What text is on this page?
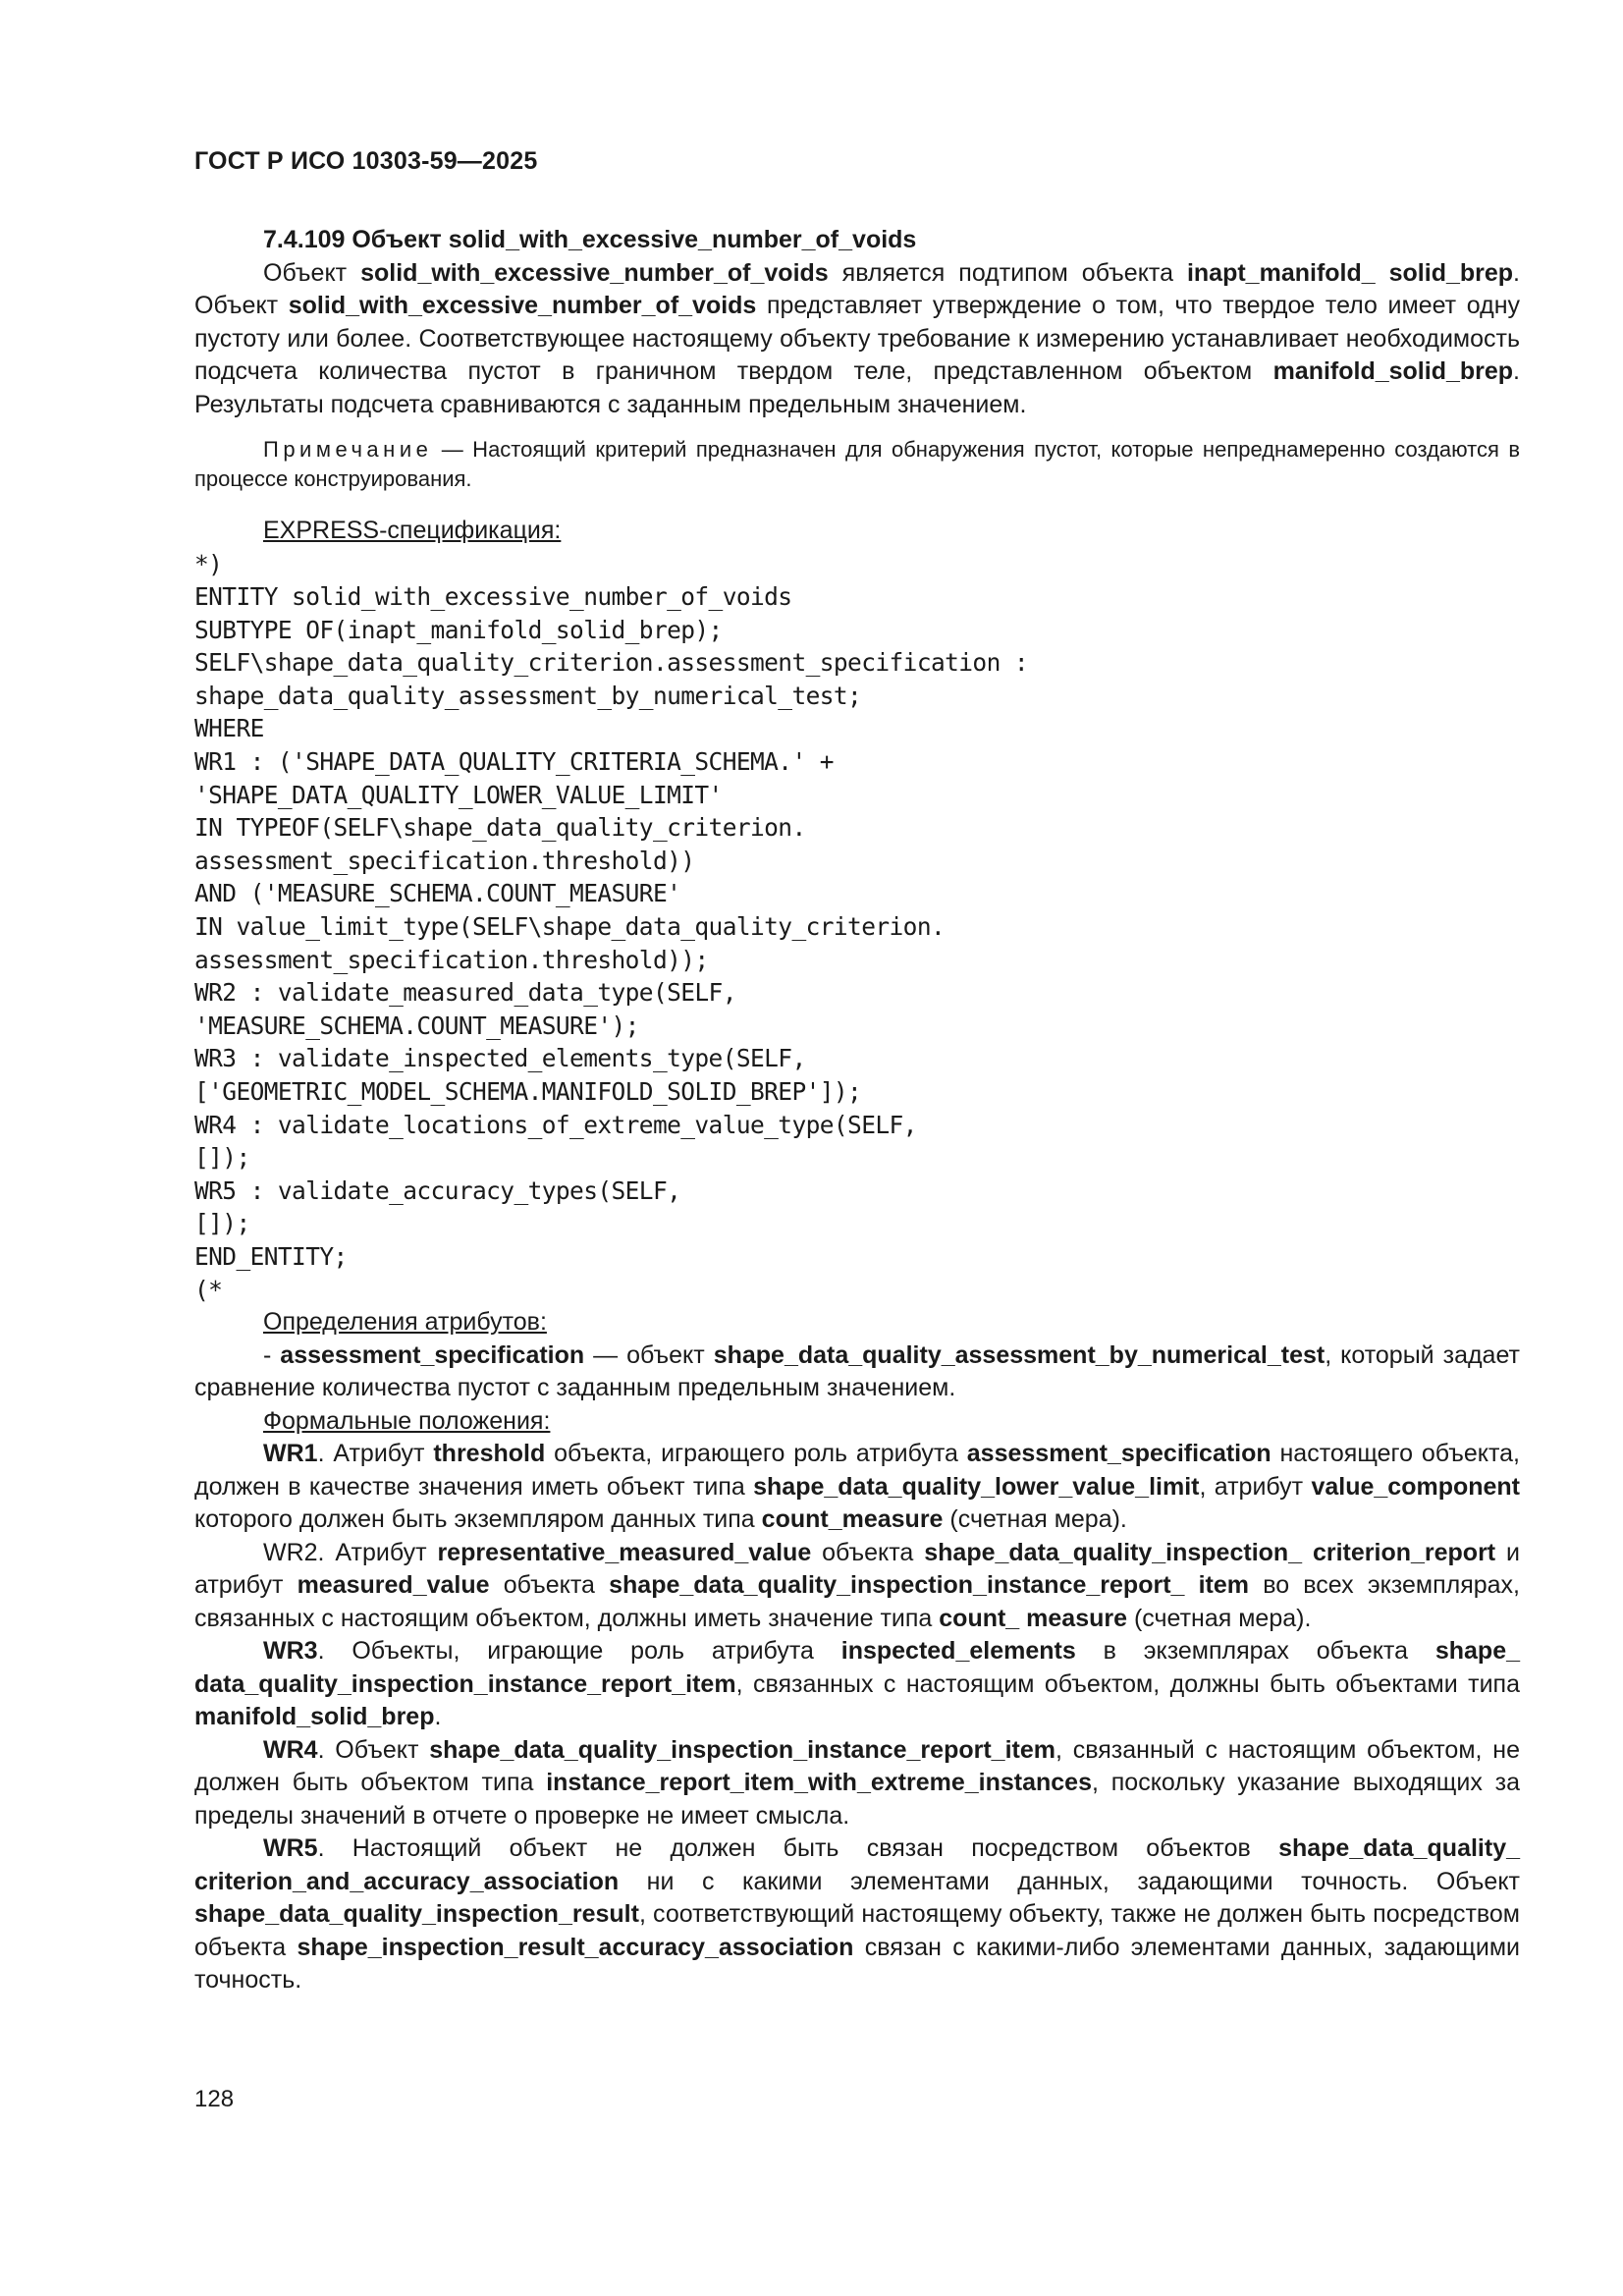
ГОСТ Р ИСО 10303-59—2025

7.4.109 Объект solid_with_excessive_number_of_voids

Объект solid_with_excessive_number_of_voids является подтипом объекта inapt_manifold_ solid_brep. Объект solid_with_excessive_number_of_voids представляет утверждение о том, что твердое тело имеет одну пустоту или более. Соответствующее настоящему объекту требование к измерению устанавливает необходимость подсчета количества пустот в граничном твердом теле, представленном объектом manifold_solid_brep. Результаты подсчета сравниваются с заданным предельным значением.

Примечание — Настоящий критерий предназначен для обнаружения пустот, которые непреднамеренно создаются в процессе конструирования.

EXPRESS-спецификация:

*)
ENTITY solid_with_excessive_number_of_voids
SUBTYPE OF(inapt_manifold_solid_brep);
SELF\shape_data_quality_criterion.assessment_specification :
shape_data_quality_assessment_by_numerical_test;
WHERE
WR1 : ('SHAPE_DATA_QUALITY_CRITERIA_SCHEMA.' +
'SHAPE_DATA_QUALITY_LOWER_VALUE_LIMIT'
IN TYPEOF(SELF\shape_data_quality_criterion.
assessment_specification.threshold))
AND ('MEASURE_SCHEMA.COUNT_MEASURE'
IN value_limit_type(SELF\shape_data_quality_criterion.
assessment_specification.threshold));
WR2 : validate_measured_data_type(SELF,
'MEASURE_SCHEMA.COUNT_MEASURE');
WR3 : validate_inspected_elements_type(SELF,
['GEOMETRIC_MODEL_SCHEMA.MANIFOLD_SOLID_BREP']);
WR4 : validate_locations_of_extreme_value_type(SELF,
[]);
WR5 : validate_accuracy_types(SELF,
[]);
END_ENTITY;
(*

Определения атрибутов:

- assessment_specification — объект shape_data_quality_assessment_by_numerical_test, который задает сравнение количества пустот с заданным предельным значением.

Формальные положения:

WR1. Атрибут threshold объекта, играющего роль атрибута assessment_specification настоящего объекта, должен в качестве значения иметь объект типа shape_data_quality_lower_value_limit, атрибут value_component которого должен быть экземпляром данных типа count_measure (счетная мера).

WR2. Атрибут representative_measured_value объекта shape_data_quality_inspection_ criterion_report и атрибут measured_value объекта shape_data_quality_inspection_instance_report_ item во всех экземплярах, связанных с настоящим объектом, должны иметь значение типа count_ measure (счетная мера).

WR3. Объекты, играющие роль атрибута inspected_elements в экземплярах объекта shape_ data_quality_inspection_instance_report_item, связанных с настоящим объектом, должны быть объектами типа manifold_solid_brep.

WR4. Объект shape_data_quality_inspection_instance_report_item, связанный с настоящим объектом, не должен быть объектом типа instance_report_item_with_extreme_instances, поскольку указание выходящих за пределы значений в отчете о проверке не имеет смысла.

WR5. Настоящий объект не должен быть связан посредством объектов shape_data_quality_ criterion_and_accuracy_association ни с какими элементами данных, задающими точность. Объект shape_data_quality_inspection_result, соответствующий настоящему объекту, также не должен быть посредством объекта shape_inspection_result_accuracy_association связан с какими-либо элементами данных, задающими точность.

128
